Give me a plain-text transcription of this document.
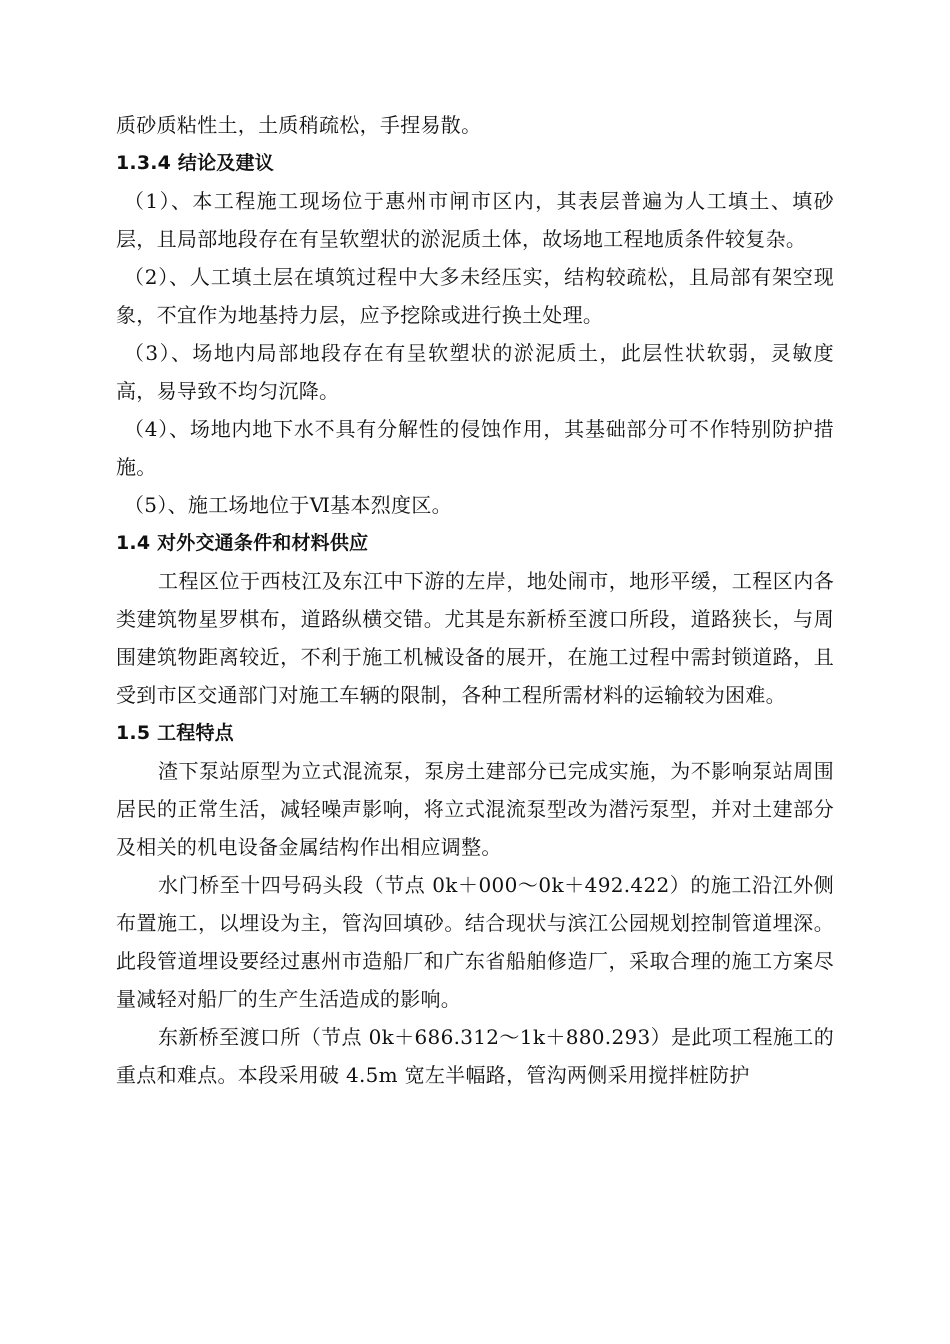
质砂质粘性土，土质稍疏松，手捏易散。

1.3.4 结论及建议

（1）、本工程施工现场位于惠州市闸市区内，其表层普遍为人工填土、填砂层，且局部地段存在有呈软塑状的淤泥质土体，故场地工程地质条件较复杂。

（2）、人工填土层在填筑过程中大多未经压实，结构较疏松，且局部有架空现象，不宜作为地基持力层，应予挖除或进行换土处理。

（3）、场地内局部地段存在有呈软塑状的淤泥质土，此层性状软弱，灵敏度高，易导致不均匀沉降。

（4）、场地内地下水不具有分解性的侵蚀作用，其基础部分可不作特别防护措施。

（5）、施工场地位于Ⅵ基本烈度区。

1.4 对外交通条件和材料供应

工程区位于西枝江及东江中下游的左岸，地处闹市，地形平缓，工程区内各类建筑物星罗棋布，道路纵横交错。尤其是东新桥至渡口所段，道路狭长，与周围建筑物距离较近，不利于施工机械设备的展开，在施工过程中需封锁道路，且受到市区交通部门对施工车辆的限制，各种工程所需材料的运输较为困难。

1.5 工程特点

渣下泵站原型为立式混流泵，泵房土建部分已完成实施，为不影响泵站周围居民的正常生活，减轻噪声影响，将立式混流泵型改为潜污泵型，并对土建部分及相关的机电设备金属结构作出相应调整。

水门桥至十四号码头段（节点 0k＋000～0k＋492.422）的施工沿江外侧布置施工，以埋设为主，管沟回填砂。结合现状与滨江公园规划控制管道埋深。此段管道埋设要经过惠州市造船厂和广东省船舶修造厂，采取合理的施工方案尽量减轻对船厂的生产生活造成的影响。

东新桥至渡口所（节点 0k＋686.312～1k＋880.293）是此项工程施工的重点和难点。本段采用破 4.5m 宽左半幅路，管沟两侧采用搅拌桩防护
